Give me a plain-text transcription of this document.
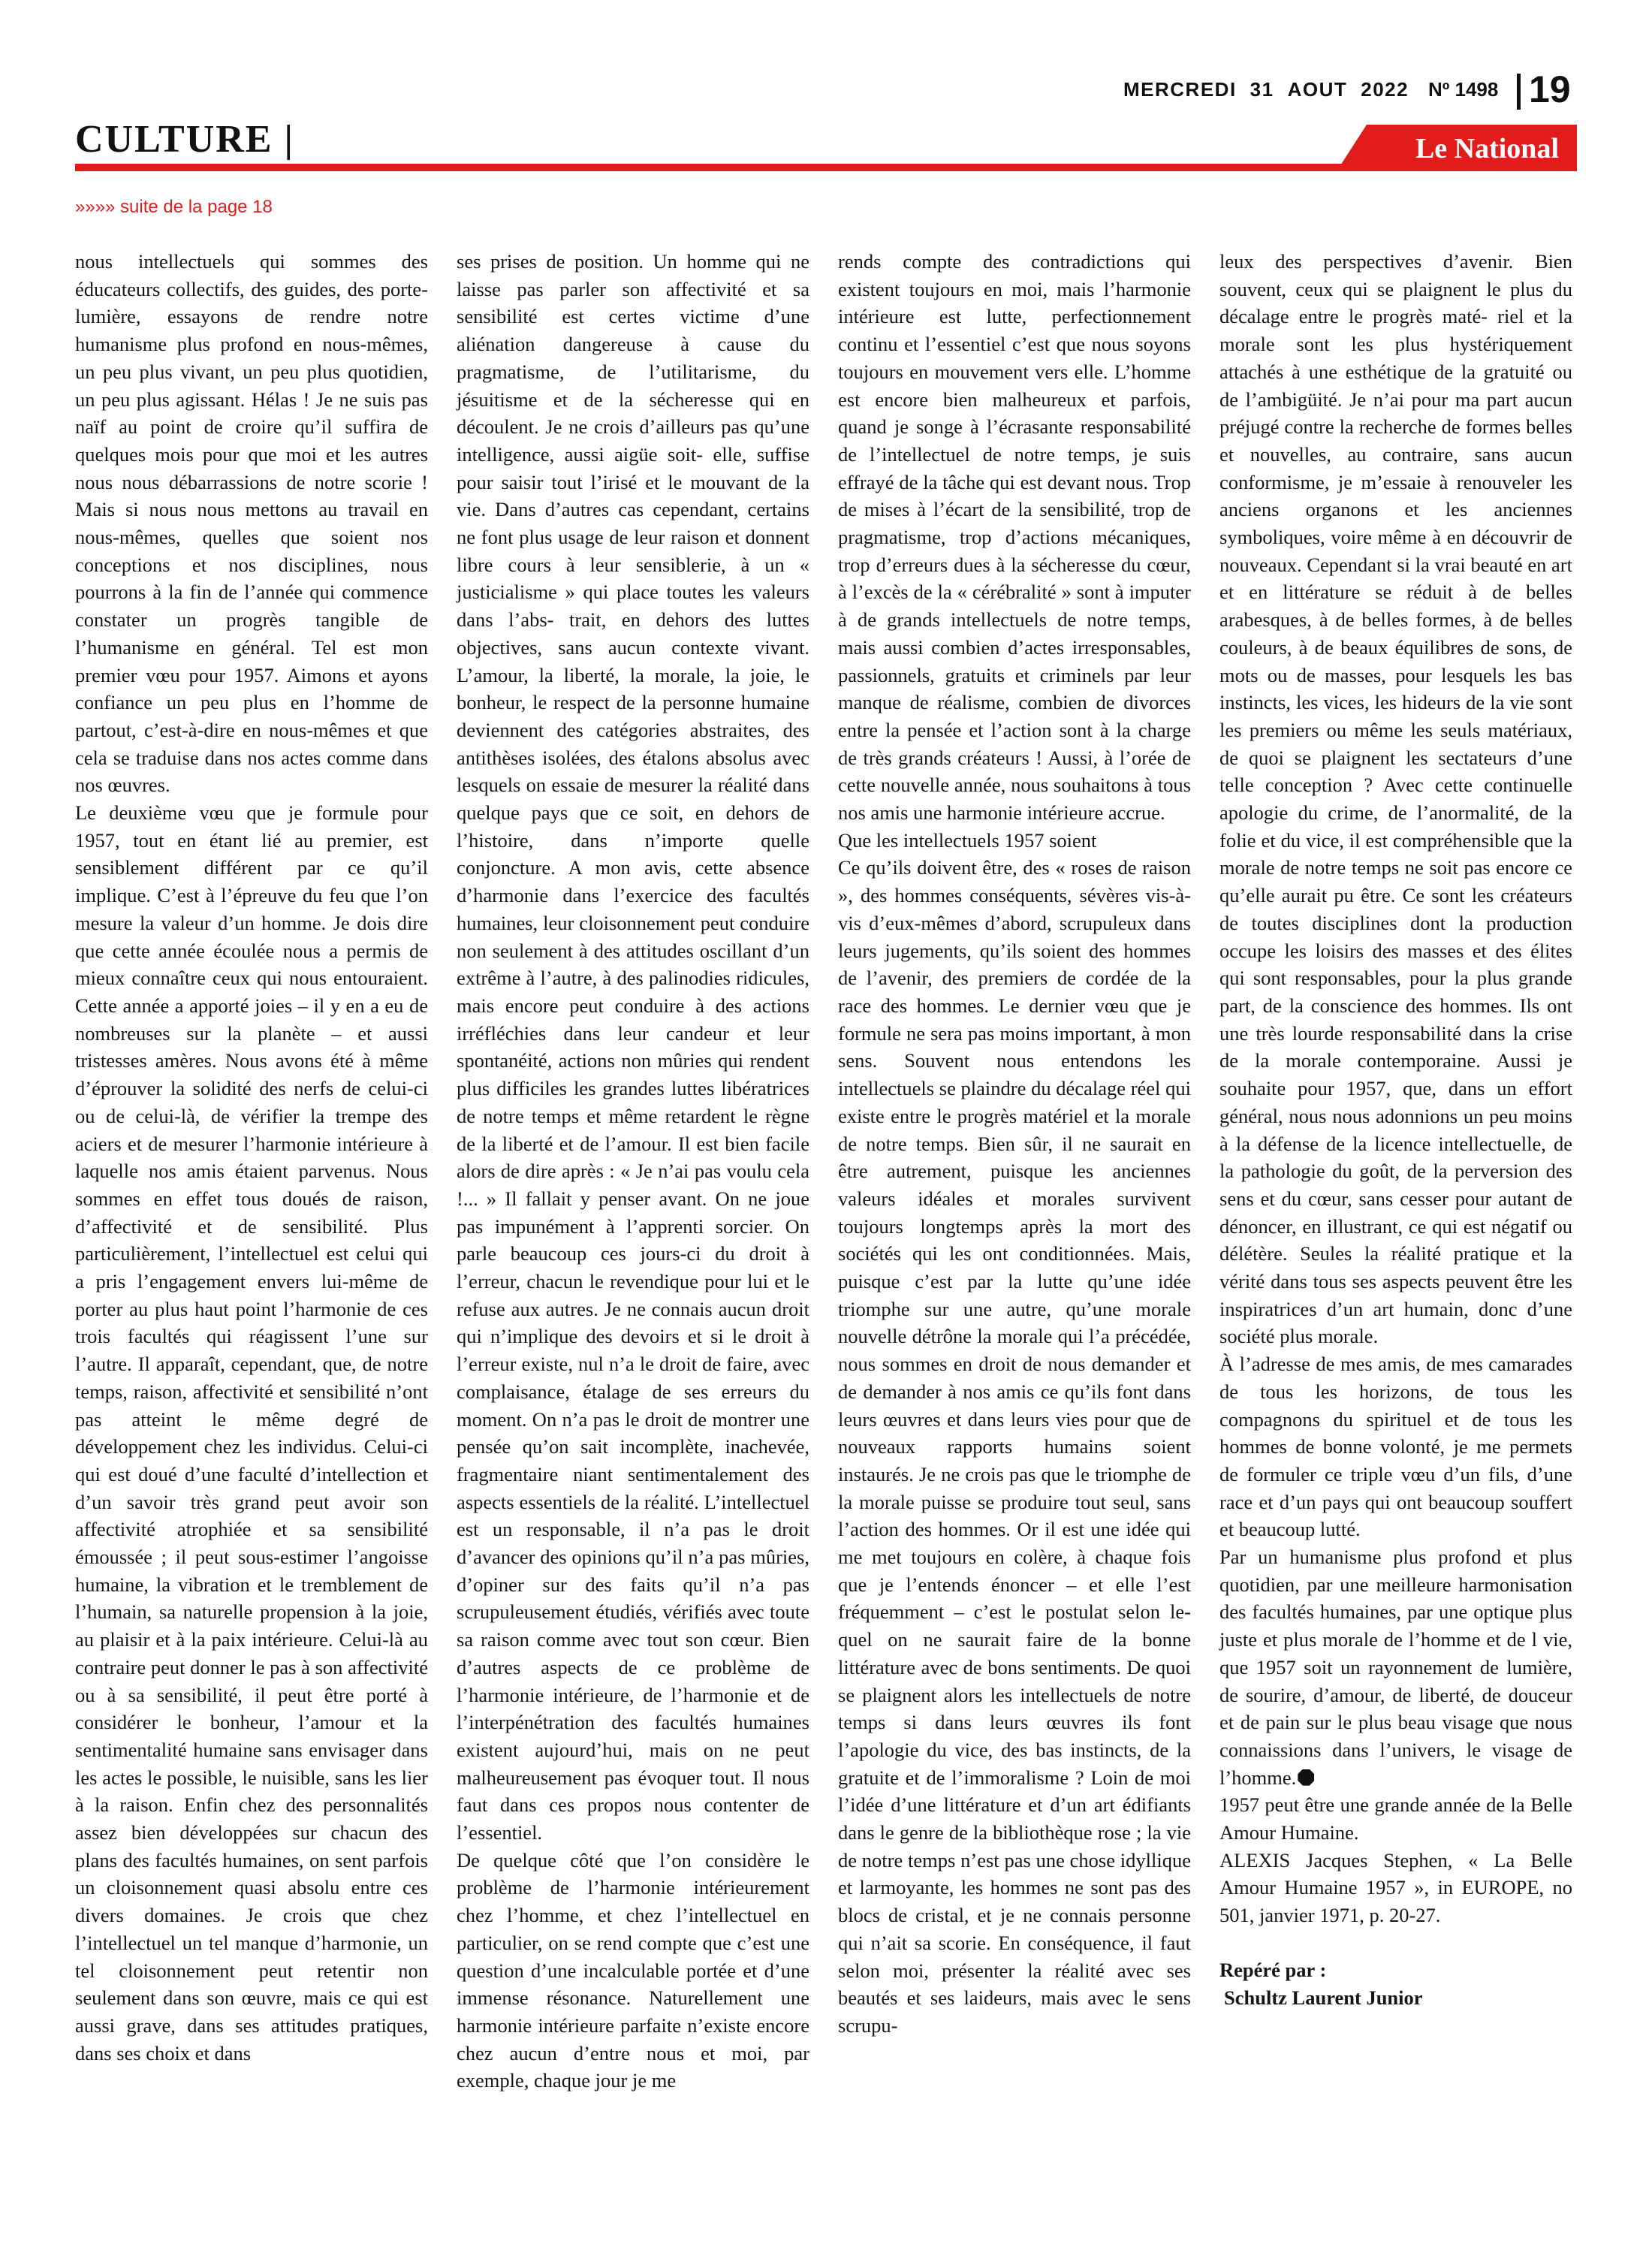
MERCREDI 31 AOUT 2022 Nº 1498 19
CULTURE |	Le National
»»»» suite de la page 18

nous intellectuels qui sommes des éducateurs collectifs, des guides, des porte-lumière, essayons de rendre notre humanisme plus profond en nous-mêmes, un peu plus vivant, un peu plus quotidien, un peu plus agissant. Hélas ! Je ne suis pas naïf au point de croire qu’il suffira de quelques mois pour que moi et les autres nous nous débarrassions de notre scorie ! Mais si nous nous mettons au travail en nous-mêmes, quelles que soient nos conceptions et nos disciplines, nous pourrons à la fin de l’année qui commence constater un progrès tangible de l’humanisme en général. Tel est mon premier vœu pour 1957. Aimons et ayons confiance un peu plus en l’homme de partout, c’est-à-dire en nous-mêmes et que cela se traduise dans nos actes comme dans nos œuvres.

Le deuxième vœu que je formule pour 1957, tout en étant lié au premier, est sensiblement différent par ce qu’il implique. C’est à l’épreuve du feu que l’on mesure la valeur d’un homme. Je dois dire que cette année écoulée nous a permis de mieux connaître ceux qui nous entouraient. Cette année a apporté joies – il y en a eu de nombreuses sur la planète – et aussi tristesses amères. Nous avons été à même d’éprouver la solidité des nerfs de celui-ci ou de celui-là, de vérifier la trempe des aciers et de mesurer l’harmonie intérieure à laquelle nos amis étaient parvenus. Nous sommes en effet tous doués de raison, d’affectivité et de sensibilité. Plus particulièrement, l’intellectuel est celui qui a pris l’engagement envers lui-même de porter au plus haut point l’harmonie de ces trois facultés qui réagissent l’une sur l’autre. Il apparaît, cependant, que, de notre temps, raison, affectivité et sensibilité n’ont pas atteint le même degré de développement chez les individus. Celui-ci qui est doué d’une faculté d’intellection et d’un savoir très grand peut avoir son affectivité atrophiée et sa sensibilité émoussée ; il peut sous-estimer l’angoisse humaine, la vibration et le tremblement de l’humain, sa naturelle propension à la joie, au plaisir et à la paix intérieure. Celui-là au contraire peut donner le pas à son affectivité ou à sa sensibilité, il peut être porté à considérer le bonheur, l’amour et la sentimentalité humaine sans envisager dans les actes le possible, le nuisible, sans les lier à la raison. Enfin chez des personnalités assez bien développées sur chacun des plans des facultés humaines, on sent parfois un cloisonnement quasi absolu entre ces divers domaines. Je crois que chez l’intellectuel un tel manque d’harmonie, un tel cloisonnement peut retentir non seulement dans son œuvre, mais ce qui est aussi grave, dans ses attitudes pratiques, dans ses choix et dans

ses prises de position. Un homme qui ne laisse pas parler son affectivité et sa sensibilité est certes victime d’une aliénation dangereuse à cause du pragmatisme, de l’utilitarisme, du jésuitisme et de la sécheresse qui en découlent. Je ne crois d’ailleurs pas qu’une intelligence, aussi aigüe soit- elle, suffise pour saisir tout l’irisé et le mouvant de la vie. Dans d’autres cas cependant, certains ne font plus usage de leur raison et donnent libre cours à leur sensiblerie, à un « justicialisme » qui place toutes les valeurs dans l’abs- trait, en dehors des luttes objectives, sans aucun contexte vivant. L’amour, la liberté, la morale, la joie, le bonheur, le respect de la personne humaine deviennent des catégories abstraites, des antithèses isolées, des étalons absolus avec lesquels on essaie de mesurer la réalité dans quelque pays que ce soit, en dehors de l’histoire, dans n’importe quelle conjoncture. A mon avis, cette absence d’harmonie dans l’exercice des facultés humaines, leur cloisonnement peut conduire non seulement à des attitudes oscillant d’un extrême à l’autre, à des palinodies ridicules, mais encore peut conduire à des actions irréfléchies dans leur candeur et leur spontanéité, actions non mûries qui rendent plus difficiles les grandes luttes libératrices de notre temps et même retardent le règne de la liberté et de l’amour. Il est bien facile alors de dire après : « Je n’ai pas voulu cela !... » Il fallait y penser avant. On ne joue pas impunément à l’apprenti sorcier. On parle beaucoup ces jours-ci du droit à l’erreur, chacun le revendique pour lui et le refuse aux autres. Je ne connais aucun droit qui n’implique des devoirs et si le droit à l’erreur existe, nul n’a le droit de faire, avec complaisance, étalage de ses erreurs du moment. On n’a pas le droit de montrer une pensée qu’on sait incomplète, inachevée, fragmentaire niant sentimentalement des aspects essentiels de la réalité. L’intellectuel est un responsable, il n’a pas le droit d’avancer des opinions qu’il n’a pas mûries, d’opiner sur des faits qu’il n’a pas scrupuleusement étudiés, vérifiés avec toute sa raison comme avec tout son cœur. Bien d’autres aspects de ce problème de l’harmonie intérieure, de l’harmonie et de l’interpénétration des facultés humaines existent aujourd’hui, mais on ne peut malheureusement pas évoquer tout. Il nous faut dans ces propos nous contenter de l’essentiel.

De quelque côté que l’on considère le problème de l’harmonie intérieurement chez l’homme, et chez l’intellectuel en particulier, on se rend compte que c’est une question d’une incalculable portée et d’une immense résonance. Naturellement une harmonie intérieure parfaite n’existe encore chez aucun d’entre nous et moi, par exemple, chaque jour je me

rends compte des contradictions qui existent toujours en moi, mais l’harmonie intérieure est lutte, perfectionnement continu et l’essentiel c’est que nous soyons toujours en mouvement vers elle. L’homme est encore bien malheureux et parfois, quand je songe à l’écrasante responsabilité de l’intellectuel de notre temps, je suis effrayé de la tâche qui est devant nous. Trop de mises à l’écart de la sensibilité, trop de pragmatisme, trop d’actions mécaniques, trop d’erreurs dues à la sécheresse du cœur, à l’excès de la « cérébralité » sont à imputer à de grands intellectuels de notre temps, mais aussi combien d’actes irresponsables, passionnels, gratuits et criminels par leur manque de réalisme, combien de divorces entre la pensée et l’action sont à la charge de très grands créateurs ! Aussi, à l’orée de cette nouvelle année, nous souhaitons à tous nos amis une harmonie intérieure accrue.

Que les intellectuels 1957 soient

Ce qu’ils doivent être, des « roses de raison », des hommes conséquents, sévères vis-à-vis d’eux-mêmes d’abord, scrupuleux dans leurs jugements, qu’ils soient des hommes de l’avenir, des premiers de cordée de la race des hommes. Le dernier vœu que je formule ne sera pas moins important, à mon sens. Souvent nous entendons les intellectuels se plaindre du décalage réel qui existe entre le progrès matériel et la morale de notre temps. Bien sûr, il ne saurait en être autrement, puisque les anciennes valeurs idéales et morales survivent toujours longtemps après la mort des sociétés qui les ont conditionnées. Mais, puisque c’est par la lutte qu’une idée triomphe sur une autre, qu’une morale nouvelle détrône la morale qui l’a précédée, nous sommes en droit de nous demander et de demander à nos amis ce qu’ils font dans leurs œuvres et dans leurs vies pour que de nouveaux rapports humains soient instaurés. Je ne crois pas que le triomphe de la morale puisse se produire tout seul, sans l’action des hommes. Or il est une idée qui me met toujours en colère, à chaque fois que je l’entends énoncer – et elle l’est fréquemment – c’est le postulat selon le- quel on ne saurait faire de la bonne littérature avec de bons sentiments. De quoi se plaignent alors les intellectuels de notre temps si dans leurs œuvres ils font l’apologie du vice, des bas instincts, de la gratuite et de l’immoralisme ? Loin de moi l’idée d’une littérature et d’un art édifiants dans le genre de la bibliothèque rose ; la vie de notre temps n’est pas une chose idyllique et larmoyante, les hommes ne sont pas des blocs de cristal, et je ne connais personne qui n’ait sa scorie. En conséquence, il faut selon moi, présenter la réalité avec ses beautés et ses laideurs, mais avec le sens scrupu-

leux des perspectives d’avenir. Bien souvent, ceux qui se plaignent le plus du décalage entre le progrès maté- riel et la morale sont les plus hystériquement attachés à une esthétique de la gratuité ou de l’ambigüité. Je n’ai pour ma part aucun préjugé contre la recherche de formes belles et nouvelles, au contraire, sans aucun conformisme, je m’essaie à renouveler les anciens organons et les anciennes symboliques, voire même à en découvrir de nouveaux. Cependant si la vrai beauté en art et en littérature se réduit à de belles arabesques, à de belles formes, à de belles couleurs, à de beaux équilibres de sons, de mots ou de masses, pour lesquels les bas instincts, les vices, les hideurs de la vie sont les premiers ou même les seuls matériaux, de quoi se plaignent les sectateurs d’une telle conception ? Avec cette continuelle apologie du crime, de l’anormalité, de la folie et du vice, il est compréhensible que la morale de notre temps ne soit pas encore ce qu’elle aurait pu être. Ce sont les créateurs de toutes disciplines dont la production occupe les loisirs des masses et des élites qui sont responsables, pour la plus grande part, de la conscience des hommes. Ils ont une très lourde responsabilité dans la crise de la morale contemporaine. Aussi je souhaite pour 1957, que, dans un effort général, nous nous adonnions un peu moins à la défense de la licence intellectuelle, de la pathologie du goût, de la perversion des sens et du cœur, sans cesser pour autant de dénoncer, en illustrant, ce qui est négatif ou délétère. Seules la réalité pratique et la vérité dans tous ses aspects peuvent être les inspiratrices d’un art humain, donc d’une société plus morale.

À l’adresse de mes amis, de mes camarades de tous les horizons, de tous les compagnons du spirituel et de tous les hommes de bonne volonté, je me permets de formuler ce triple vœu d’un fils, d’une race et d’un pays qui ont beaucoup souffert et beaucoup lutté.

Par un humanisme plus profond et plus quotidien, par une meilleure harmonisation des facultés humaines, par une optique plus juste et plus morale de l’homme et de l vie, que 1957 soit un rayonnement de lumière, de sourire, d’amour, de liberté, de douceur et de pain sur le plus beau visage que nous connaissions dans l’univers, le visage de l’homme.

1957 peut être une grande année de la Belle Amour Humaine.

ALEXIS Jacques Stephen, « La Belle Amour Humaine 1957 », in EUROPE, no 501, janvier 1971, p. 20-27.

Repéré par :

Schultz Laurent Junior
